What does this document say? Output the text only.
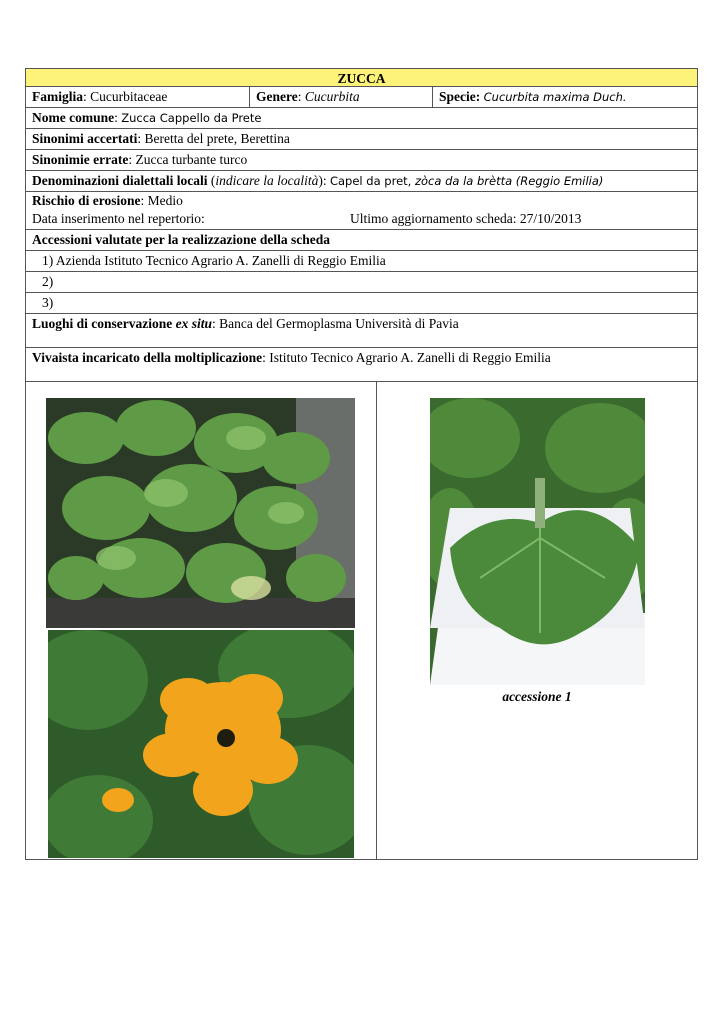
ZUCCA
Famiglia: Cucurbitaceae	Genere: Cucurbita	Specie: Cucurbita maxima Duch.
Nome comune: Zucca Cappello da Prete
Sinonimi accertati: Beretta del prete, Berettina
Sinonimie errate: Zucca turbante turco
Denominazioni dialettali locali (indicare la località): Capel da pret, zòca da la brètta (Reggio Emilia)
Rischio di erosione: Medio
Data inserimento nel repertorio:	Ultimo aggiornamento scheda: 27/10/2013
Accessioni valutate per la realizzazione della scheda
1) Azienda Istituto Tecnico Agrario A. Zanelli di Reggio Emilia
2)
3)
Luoghi di conservazione ex situ: Banca del Germoplasma Università di Pavia
Vivaista incaricato della moltiplicazione: Istituto Tecnico Agrario A. Zanelli di Reggio Emilia
accessione 1
